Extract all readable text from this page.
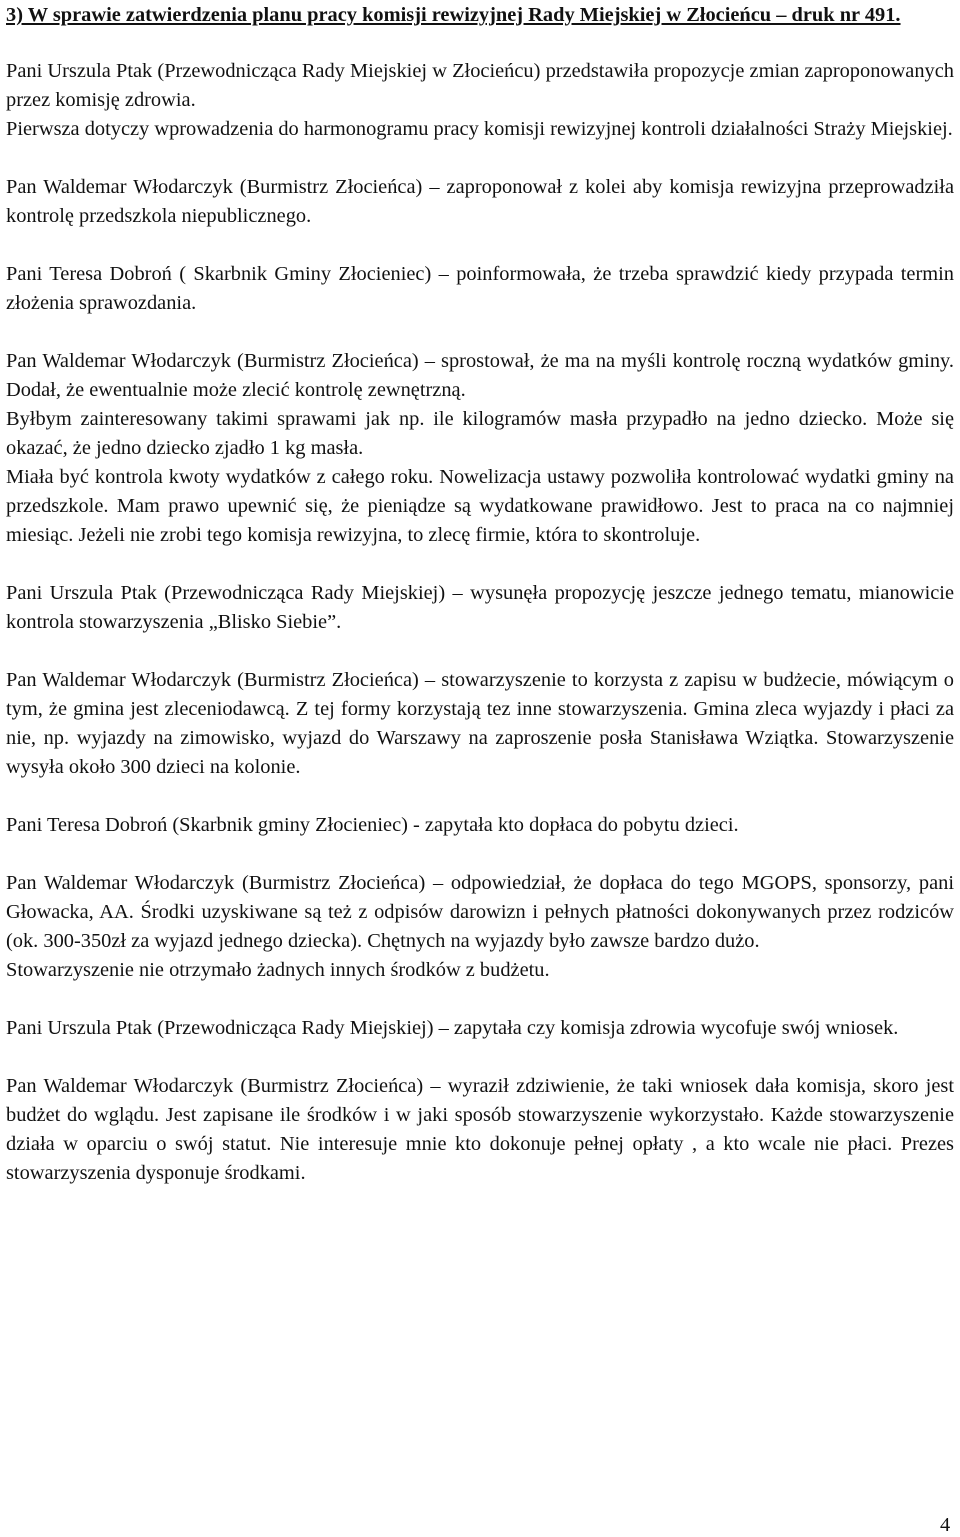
3) W sprawie zatwierdzenia planu pracy komisji rewizyjnej Rady Miejskiej w Złocieńcu – druk nr 491.

Pani Urszula Ptak (Przewodnicząca Rady Miejskiej w Złocieńcu) przedstawiła propozycje zmian zaproponowanych przez komisję zdrowia.

Pierwsza dotyczy wprowadzenia do harmonogramu pracy komisji rewizyjnej kontroli działalności Straży Miejskiej.

Pan Waldemar Włodarczyk (Burmistrz Złocieńca) – zaproponował z kolei aby komisja rewizyjna przeprowadziła kontrolę przedszkola niepublicznego.

Pani Teresa Dobroń ( Skarbnik Gminy Złocieniec) – poinformowała, że trzeba sprawdzić kiedy przypada termin złożenia sprawozdania.

Pan Waldemar Włodarczyk (Burmistrz Złocieńca) – sprostował, że ma na myśli kontrolę roczną wydatków gminy. Dodał, że ewentualnie może zlecić kontrolę zewnętrzną.

Byłbym zainteresowany takimi sprawami jak np. ile kilogramów masła przypadło na jedno dziecko. Może się okazać, że jedno dziecko zjadło 1 kg masła.

Miała być kontrola kwoty wydatków z całego roku. Nowelizacja ustawy pozwoliła kontrolować wydatki gminy na przedszkole. Mam prawo upewnić się, że pieniądze są wydatkowane prawidłowo. Jest to praca na co najmniej miesiąc. Jeżeli nie zrobi tego komisja rewizyjna, to zlecę firmie, która to skontroluje.

Pani Urszula Ptak (Przewodnicząca Rady Miejskiej) – wysunęła propozycję jeszcze jednego tematu, mianowicie kontrola stowarzyszenia „Blisko Siebie”.

Pan Waldemar Włodarczyk (Burmistrz Złocieńca) – stowarzyszenie to korzysta z zapisu w budżecie, mówiącym o tym, że gmina jest zleceniodawcą. Z tej formy korzystają tez inne stowarzyszenia. Gmina zleca wyjazdy i płaci za nie, np. wyjazdy na zimowisko, wyjazd do Warszawy na zaproszenie posła Stanisława Wziątka. Stowarzyszenie wysyła około 300 dzieci na kolonie.

Pani Teresa Dobroń (Skarbnik gminy Złocieniec) - zapytała kto dopłaca do pobytu dzieci.

Pan Waldemar Włodarczyk (Burmistrz Złocieńca) – odpowiedział, że dopłaca do tego MGOPS, sponsorzy, pani Głowacka, AA. Środki uzyskiwane są też z odpisów darowizn i pełnych płatności dokonywanych przez rodziców (ok. 300-350zł za wyjazd jednego dziecka). Chętnych na wyjazdy było zawsze bardzo dużo.

Stowarzyszenie nie otrzymało żadnych innych środków z budżetu.

Pani Urszula Ptak (Przewodnicząca Rady Miejskiej) – zapytała czy komisja zdrowia wycofuje swój wniosek.

Pan Waldemar Włodarczyk (Burmistrz Złocieńca) – wyraził zdziwienie, że taki wniosek dała komisja, skoro jest budżet do wglądu. Jest zapisane ile środków i w jaki sposób stowarzyszenie wykorzystało. Każde stowarzyszenie działa w oparciu o swój statut. Nie interesuje mnie kto dokonuje pełnej opłaty , a kto wcale nie płaci. Prezes stowarzyszenia dysponuje środkami.

4
